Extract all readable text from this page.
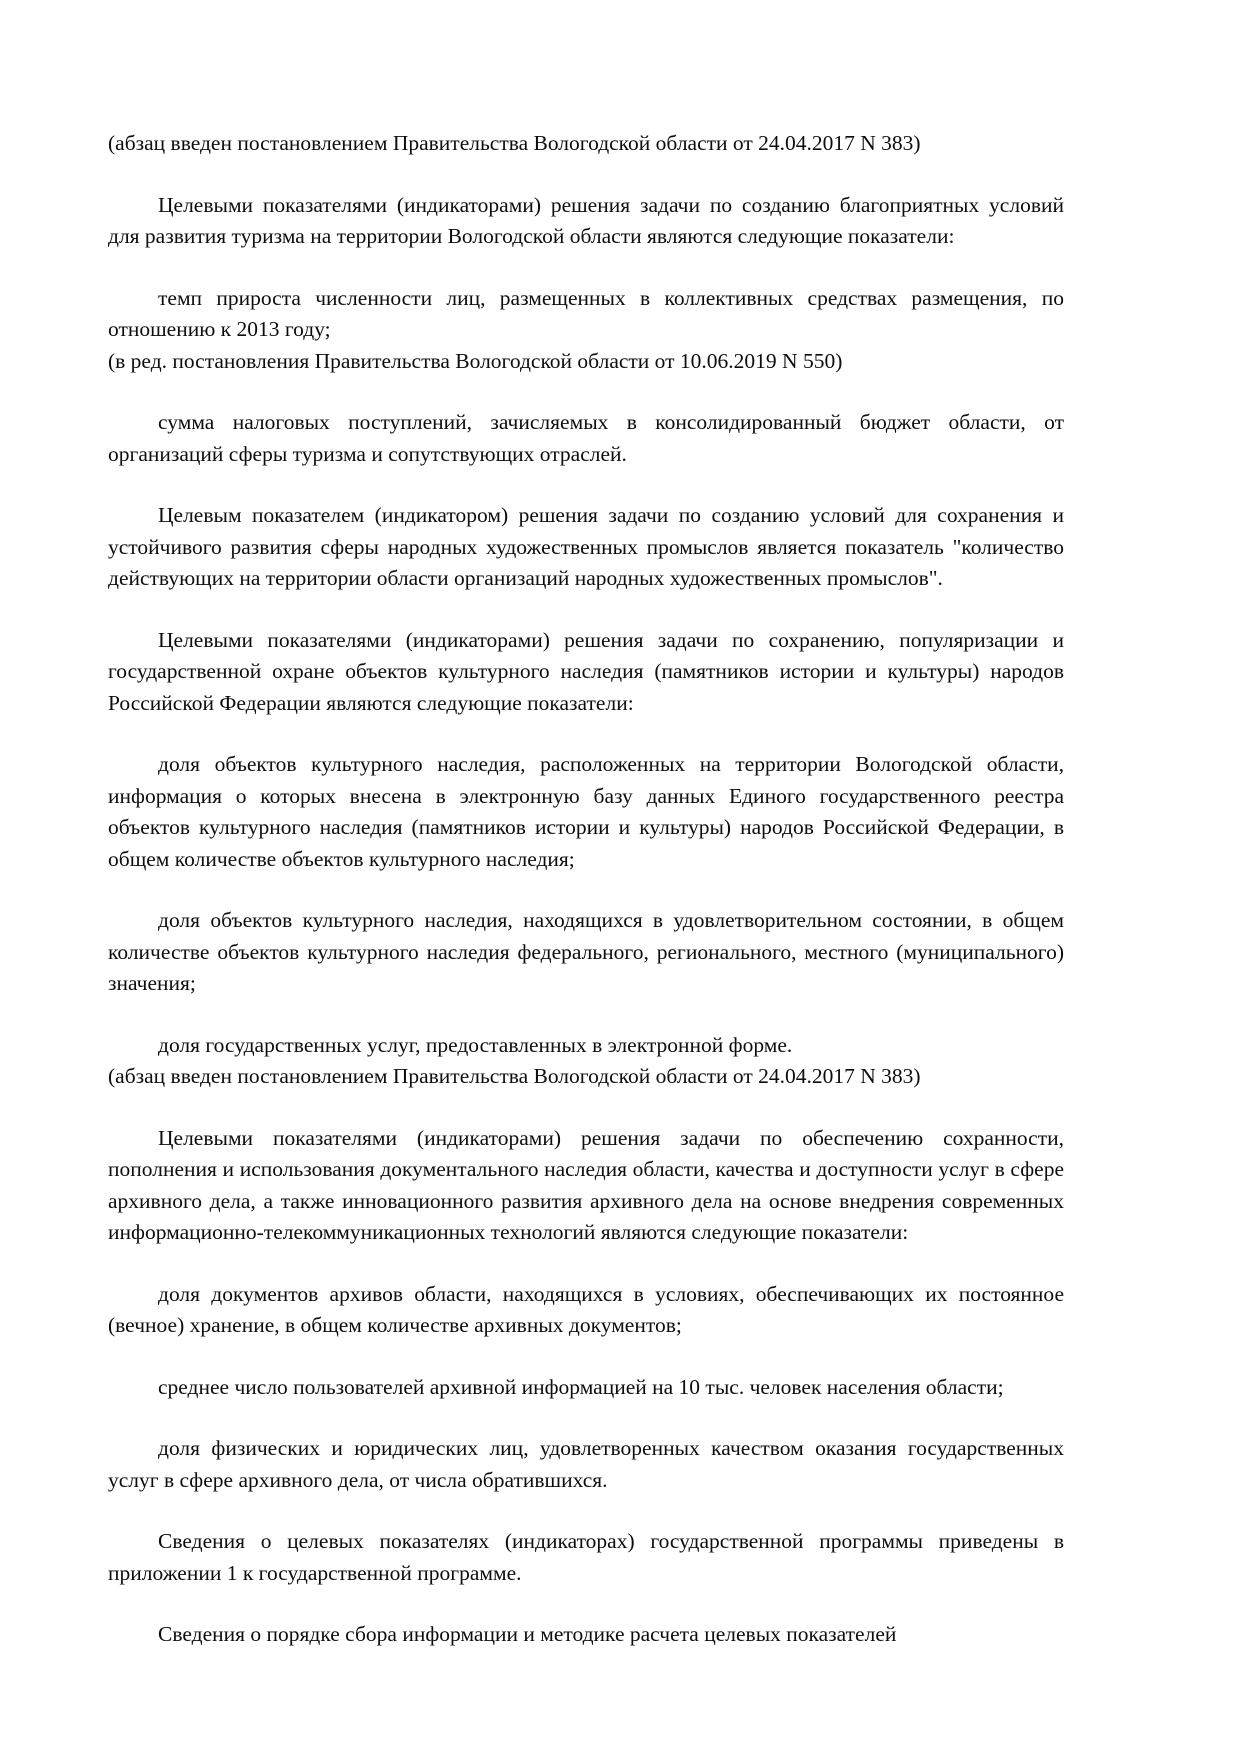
(абзац введен постановлением Правительства Вологодской области от 24.04.2017 N 383)

Целевыми показателями (индикаторами) решения задачи по созданию благоприятных условий для развития туризма на территории Вологодской области являются следующие показатели:

темп прироста численности лиц, размещенных в коллективных средствах размещения, по отношению к 2013 году;

(в ред. постановления Правительства Вологодской области от 10.06.2019 N 550)

сумма налоговых поступлений, зачисляемых в консолидированный бюджет области, от организаций сферы туризма и сопутствующих отраслей.

Целевым показателем (индикатором) решения задачи по созданию условий для сохранения и устойчивого развития сферы народных художественных промыслов является показатель "количество действующих на территории области организаций народных художественных промыслов".

Целевыми показателями (индикаторами) решения задачи по сохранению, популяризации и государственной охране объектов культурного наследия (памятников истории и культуры) народов Российской Федерации являются следующие показатели:

доля объектов культурного наследия, расположенных на территории Вологодской области, информация о которых внесена в электронную базу данных Единого государственного реестра объектов культурного наследия (памятников истории и культуры) народов Российской Федерации, в общем количестве объектов культурного наследия;

доля объектов культурного наследия, находящихся в удовлетворительном состоянии, в общем количестве объектов культурного наследия федерального, регионального, местного (муниципального) значения;

доля государственных услуг, предоставленных в электронной форме.

(абзац введен постановлением Правительства Вологодской области от 24.04.2017 N 383)

Целевыми показателями (индикаторами) решения задачи по обеспечению сохранности, пополнения и использования документального наследия области, качества и доступности услуг в сфере архивного дела, а также инновационного развития архивного дела на основе внедрения современных информационно-телекоммуникационных технологий являются следующие показатели:

доля документов архивов области, находящихся в условиях, обеспечивающих их постоянное (вечное) хранение, в общем количестве архивных документов;

среднее число пользователей архивной информацией на 10 тыс. человек населения области;

доля физических и юридических лиц, удовлетворенных качеством оказания государственных услуг в сфере архивного дела, от числа обратившихся.

Сведения о целевых показателях (индикаторах) государственной программы приведены в приложении 1 к государственной программе.

Сведения о порядке сбора информации и методике расчета целевых показателей
